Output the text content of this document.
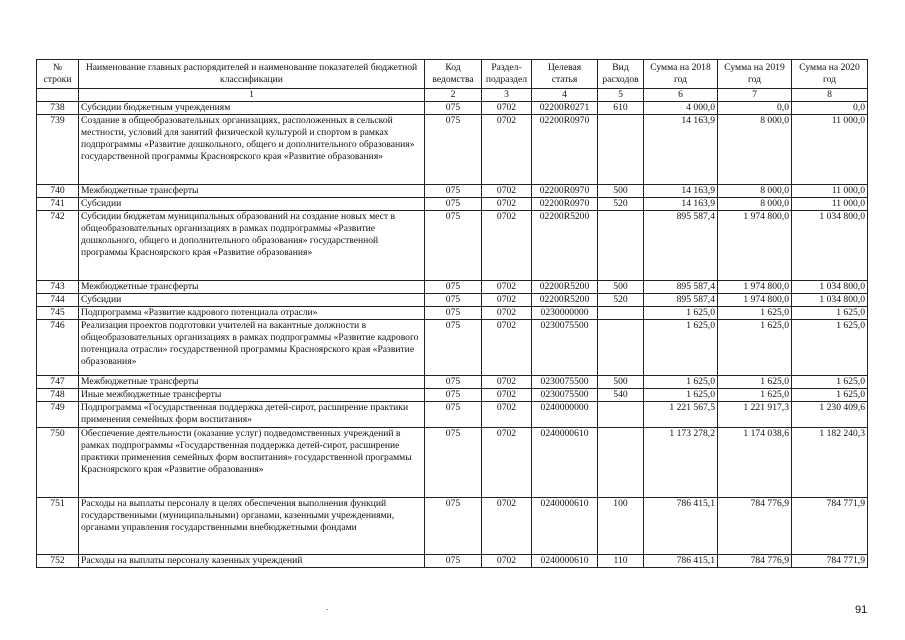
№ строки	Наименование главных распорядителей и наименование показателей бюджетной классификации	Код ведомства	Раздел-подраздел	Целевая статья	Вид расходов	Сумма на 2018 год	Сумма на 2019 год	Сумма на 2020 год
	1	2	3	4	5	6	7	8
738	Субсидии бюджетным учреждениям	075	0702	02200R0271	610	4 000,0	0,0	0,0
739	Создание в общеобразовательных организациях, расположенных в сельской местности, условий для занятий физической культурой и спортом в рамках подпрограммы «Развитие дошкольного, общего и дополнительного образования» государственной программы Красноярского края «Развитие образования»	075	0702	02200R0970		14 163,9	8 000,0	11 000,0
740	Межбюджетные трансферты	075	0702	02200R0970	500	14 163,9	8 000,0	11 000,0
741	Субсидии	075	0702	02200R0970	520	14 163,9	8 000,0	11 000,0
742	Субсидии бюджетам муниципальных образований на создание новых мест в общеобразовательных организациях в рамках подпрограммы «Развитие дошкольного, общего и дополнительного образования» государственной программы Красноярского края «Развитие образования»	075	0702	02200R5200		895 587,4	1 974 800,0	1 034 800,0
743	Межбюджетные трансферты	075	0702	02200R5200	500	895 587,4	1 974 800,0	1 034 800,0
744	Субсидии	075	0702	02200R5200	520	895 587,4	1 974 800,0	1 034 800,0
745	Подпрограмма «Развитие кадрового потенциала отрасли»	075	0702	0230000000		1 625,0	1 625,0	1 625,0
746	Реализация проектов подготовки учителей на вакантные должности в общеобразовательных организациях в рамках подпрограммы «Развитие кадрового потенциала отрасли» государственной программы Красноярского края «Развитие образования»	075	0702	0230075500		1 625,0	1 625,0	1 625,0
747	Межбюджетные трансферты	075	0702	0230075500	500	1 625,0	1 625,0	1 625,0
748	Иные межбюджетные трансферты	075	0702	0230075500	540	1 625,0	1 625,0	1 625,0
749	Подпрограмма «Государственная поддержка детей-сирот, расширение практики применения семейных форм воспитания»	075	0702	0240000000		1 221 567,5	1 221 917,3	1 230 409,6
750	Обеспечение деятельности (оказание услуг) подведомственных учреждений в рамках подпрограммы «Государственная поддержка детей-сирот, расширение практики применения семейных форм воспитания» государственной программы Красноярского края «Развитие образования»	075	0702	0240000610		1 173 278,2	1 174 038,6	1 182 240,3
751	Расходы на выплаты персоналу в целях обеспечения выполнения функций государственными (муниципальными) органами, казенными учреждениями, органами управления государственными внебюджетными фондами	075	0702	0240000610	100	786 415,1	784 776,9	784 771,9
752	Расходы на выплаты персоналу казенных учреждений	075	0702	0240000610	110	786 415,1	784 776,9	784 771,9
91
